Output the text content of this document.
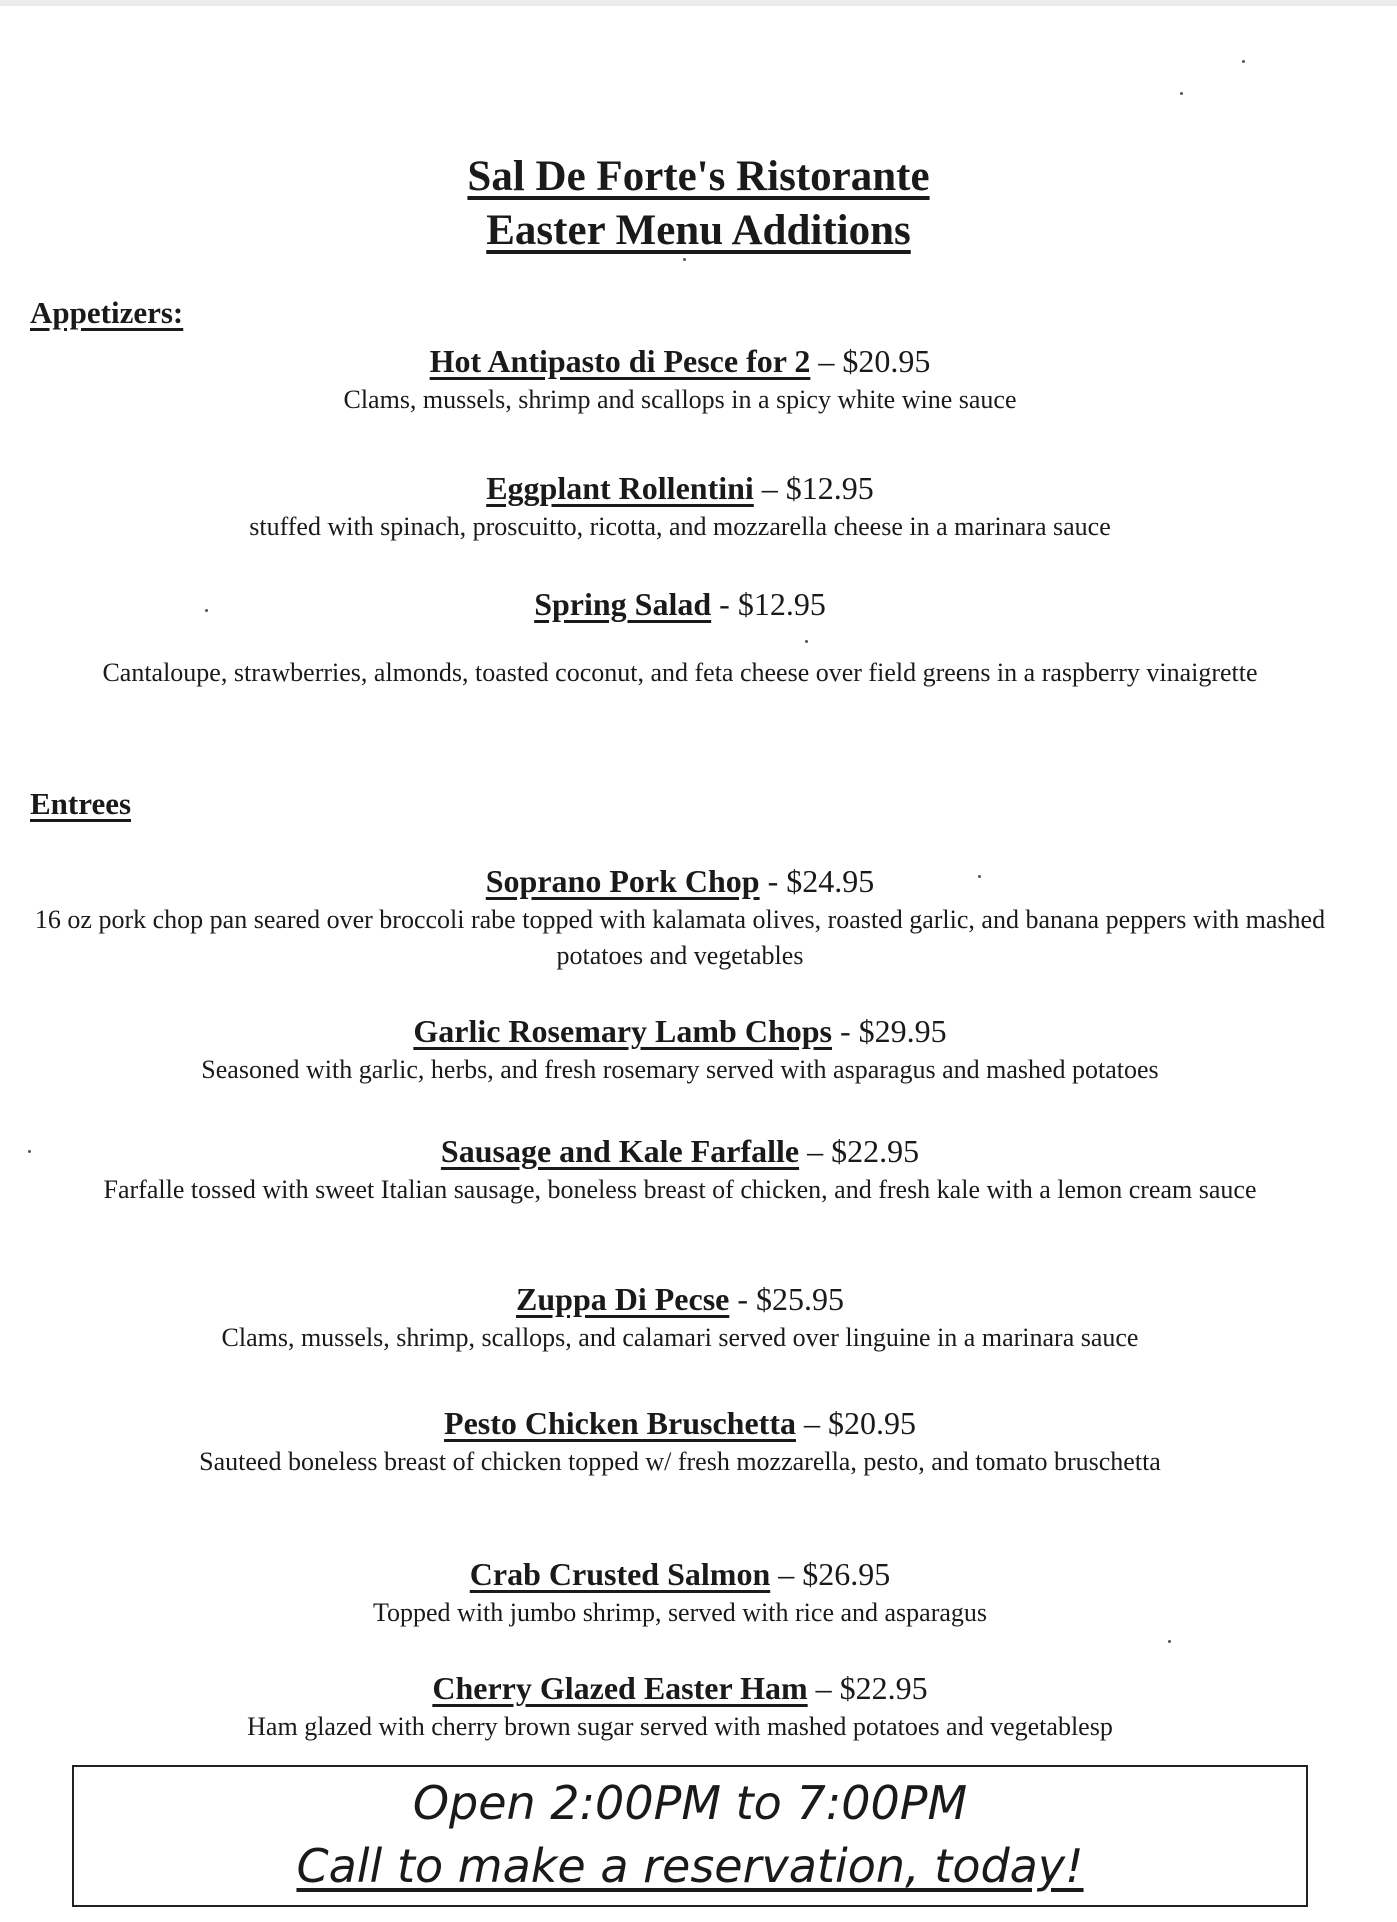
Sal De Forte's Ristorante

Easter Menu Additions

Appetizers:
Hot Antipasto di Pesce for 2 – $20.95
Clams, mussels, shrimp and scallops in a spicy white wine sauce
Eggplant Rollentini – $12.95
stuffed with spinach, proscuitto, ricotta, and mozzarella cheese in a marinara sauce
Spring Salad - $12.95
Cantaloupe, strawberries, almonds, toasted coconut, and feta cheese over field greens in a raspberry vinaigrette
Entrees
Soprano Pork Chop - $24.95
16 oz pork chop pan seared over broccoli rabe topped with kalamata olives, roasted garlic, and banana peppers with mashed potatoes and vegetables
Garlic Rosemary Lamb Chops - $29.95
Seasoned with garlic, herbs, and fresh rosemary served with asparagus and mashed potatoes
Sausage and Kale Farfalle – $22.95
Farfalle tossed with sweet Italian sausage, boneless breast of chicken, and fresh kale with a lemon cream sauce
Zuppa Di Pecse - $25.95
Clams, mussels, shrimp, scallops, and calamari served over linguine in a marinara sauce
Pesto Chicken Bruschetta – $20.95
Sauteed boneless breast of chicken topped w/ fresh mozzarella, pesto, and tomato bruschetta
Crab Crusted Salmon – $26.95
Topped with jumbo shrimp, served with rice and asparagus
Cherry Glazed Easter Ham – $22.95
Ham glazed with cherry brown sugar served with mashed potatoes and vegetablesp
Open 2:00PM to 7:00PM
Call to make a reservation, today!
